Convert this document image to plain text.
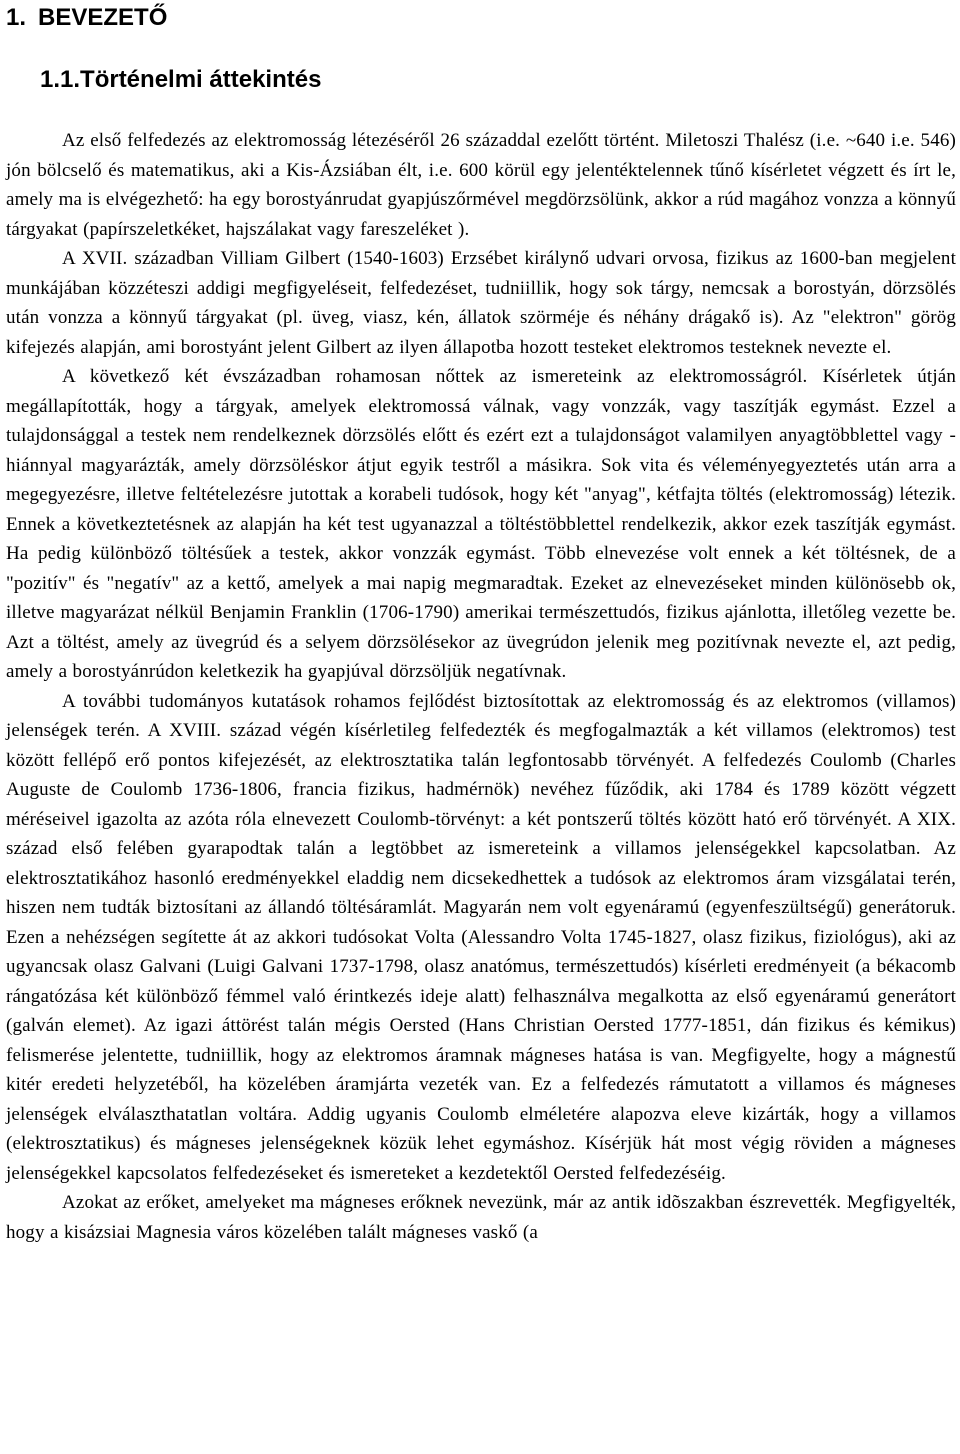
1. BEVEZETŐ
1.1.Történelmi áttekintés

Az első felfedezés az elektromosság létezéséről 26 századdal ezelőtt történt. Miletoszi Thalész (i.e. ~640 i.e. 546) jón bölcselő és matematikus, aki a Kis-Ázsiában élt, i.e. 600 körül egy jelentéktelennek tűnő kísérletet végzett és írt le, amely ma is elvégezhető: ha egy borostyánrudat gyapjúszőrmével megdörzsölünk, akkor a rúd magához vonzza a könnyű tárgyakat (papírszeletkéket, hajszálakat vagy fareszeléket ).

A XVII. században Villiam Gilbert (1540-1603) Erzsébet királynő udvari orvosa, fizikus az 1600-ban megjelent munkájában közzéteszi addigi megfigyeléseit, felfedezéset, tudniillik, hogy sok tárgy, nemcsak a borostyán, dörzsölés után vonzza a könnyű tárgyakat (pl. üveg, viasz, kén, állatok szörméje és néhány drágakő is). Az "elektron" görög kifejezés alapján, ami borostyánt jelent Gilbert az ilyen állapotba hozott testeket elektromos testeknek nevezte el.

A következő két évszázadban rohamosan nőttek az ismereteink az elektromosságról. Kísérletek útján megállapították, hogy a tárgyak, amelyek elektromossá válnak, vagy vonzzák, vagy taszítják egymást. Ezzel a tulajdonsággal a testek nem rendelkeznek dörzsölés előtt és ezért ezt a tulajdonságot valamilyen anyagtöbblettel vagy -hiánnyal magyarázták, amely dörzsöléskor átjut egyik testről a másikra. Sok vita és véleményegyeztetés után arra a megegyezésre, illetve feltételezésre jutottak a korabeli tudósok, hogy két "anyag", kétfajta töltés (elektromosság) létezik. Ennek a következtetésnek az alapján ha két test ugyanazzal a töltéstöbblettel rendelkezik, akkor ezek taszítják egymást. Ha pedig különböző töltésűek a testek, akkor vonzzák egymást. Több elnevezése volt ennek a két töltésnek, de a "pozitív" és "negatív" az a kettő, amelyek a mai napig megmaradtak. Ezeket az elnevezéseket minden különösebb ok, illetve magyarázat nélkül Benjamin Franklin (1706-1790) amerikai természettudós, fizikus ajánlotta, illetőleg vezette be. Azt a töltést, amely az üvegrúd és a selyem dörzsölésekor az üvegrúdon jelenik meg pozitívnak nevezte el, azt pedig, amely a borostyánrúdon keletkezik ha gyapjúval dörzsöljük negatívnak.

A további tudományos kutatások rohamos fejlődést biztosítottak az elektromosság és az elektromos (villamos) jelenségek terén. A XVIII. század végén kísérletileg felfedezték és megfogalmazták a két villamos (elektromos) test között fellépő erő pontos kifejezését, az elektrosztatika talán legfontosabb törvényét. A felfedezés Coulomb (Charles Auguste de Coulomb 1736-1806, francia fizikus, hadmérnök) nevéhez fűződik, aki 1784 és 1789 között végzett méréseivel igazolta az azóta róla elnevezett Coulomb-törvényt: a két pontszerű töltés között ható erő törvényét. A XIX. század első felében gyarapodtak talán a legtöbbet az ismereteink a villamos jelenségekkel kapcsolatban. Az elektrosztatikához hasonló eredményekkel eladdig nem dicsekedhettek a tudósok az elektromos áram vizsgálatai terén, hiszen nem tudták biztosítani az állandó töltésáramlát. Magyarán nem volt egyenáramú (egyenfeszültségű) generátoruk. Ezen a nehézségen segítette át az akkori tudósokat Volta (Alessandro Volta 1745-1827, olasz fizikus, fiziológus), aki az ugyancsak olasz Galvani (Luigi Galvani 1737-1798, olasz anatómus, természettudós) kísérleti eredményeit (a békacomb rángatózása két különböző fémmel való érintkezés ideje alatt) felhasználva megalkotta az első egyenáramú generátort (galván elemet). Az igazi áttörést talán mégis Oersted (Hans Christian Oersted 1777-1851, dán fizikus és kémikus) felismerése jelentette, tudniillik, hogy az elektromos áramnak mágneses hatása is van. Megfigyelte, hogy a mágnestű kitér eredeti helyzetéből, ha közelében áramjárta vezeték van. Ez a felfedezés rámutatott a villamos és mágneses jelenségek elválaszthatatlan voltára. Addig ugyanis Coulomb elméletére alapozva eleve kizárták, hogy a villamos (elektrosztatikus) és mágneses jelenségeknek közük lehet egymáshoz. Kísérjük hát most végig röviden a mágneses jelenségekkel kapcsolatos felfedezéseket és ismereteket a kezdetektől Oersted felfedezéséig.

Azokat az erőket, amelyeket ma mágneses erőknek nevezünk, már az antik idõszakban észrevették. Megfigyelték, hogy a kisázsiai Magnesia város közelében talált mágneses vaskő (a
